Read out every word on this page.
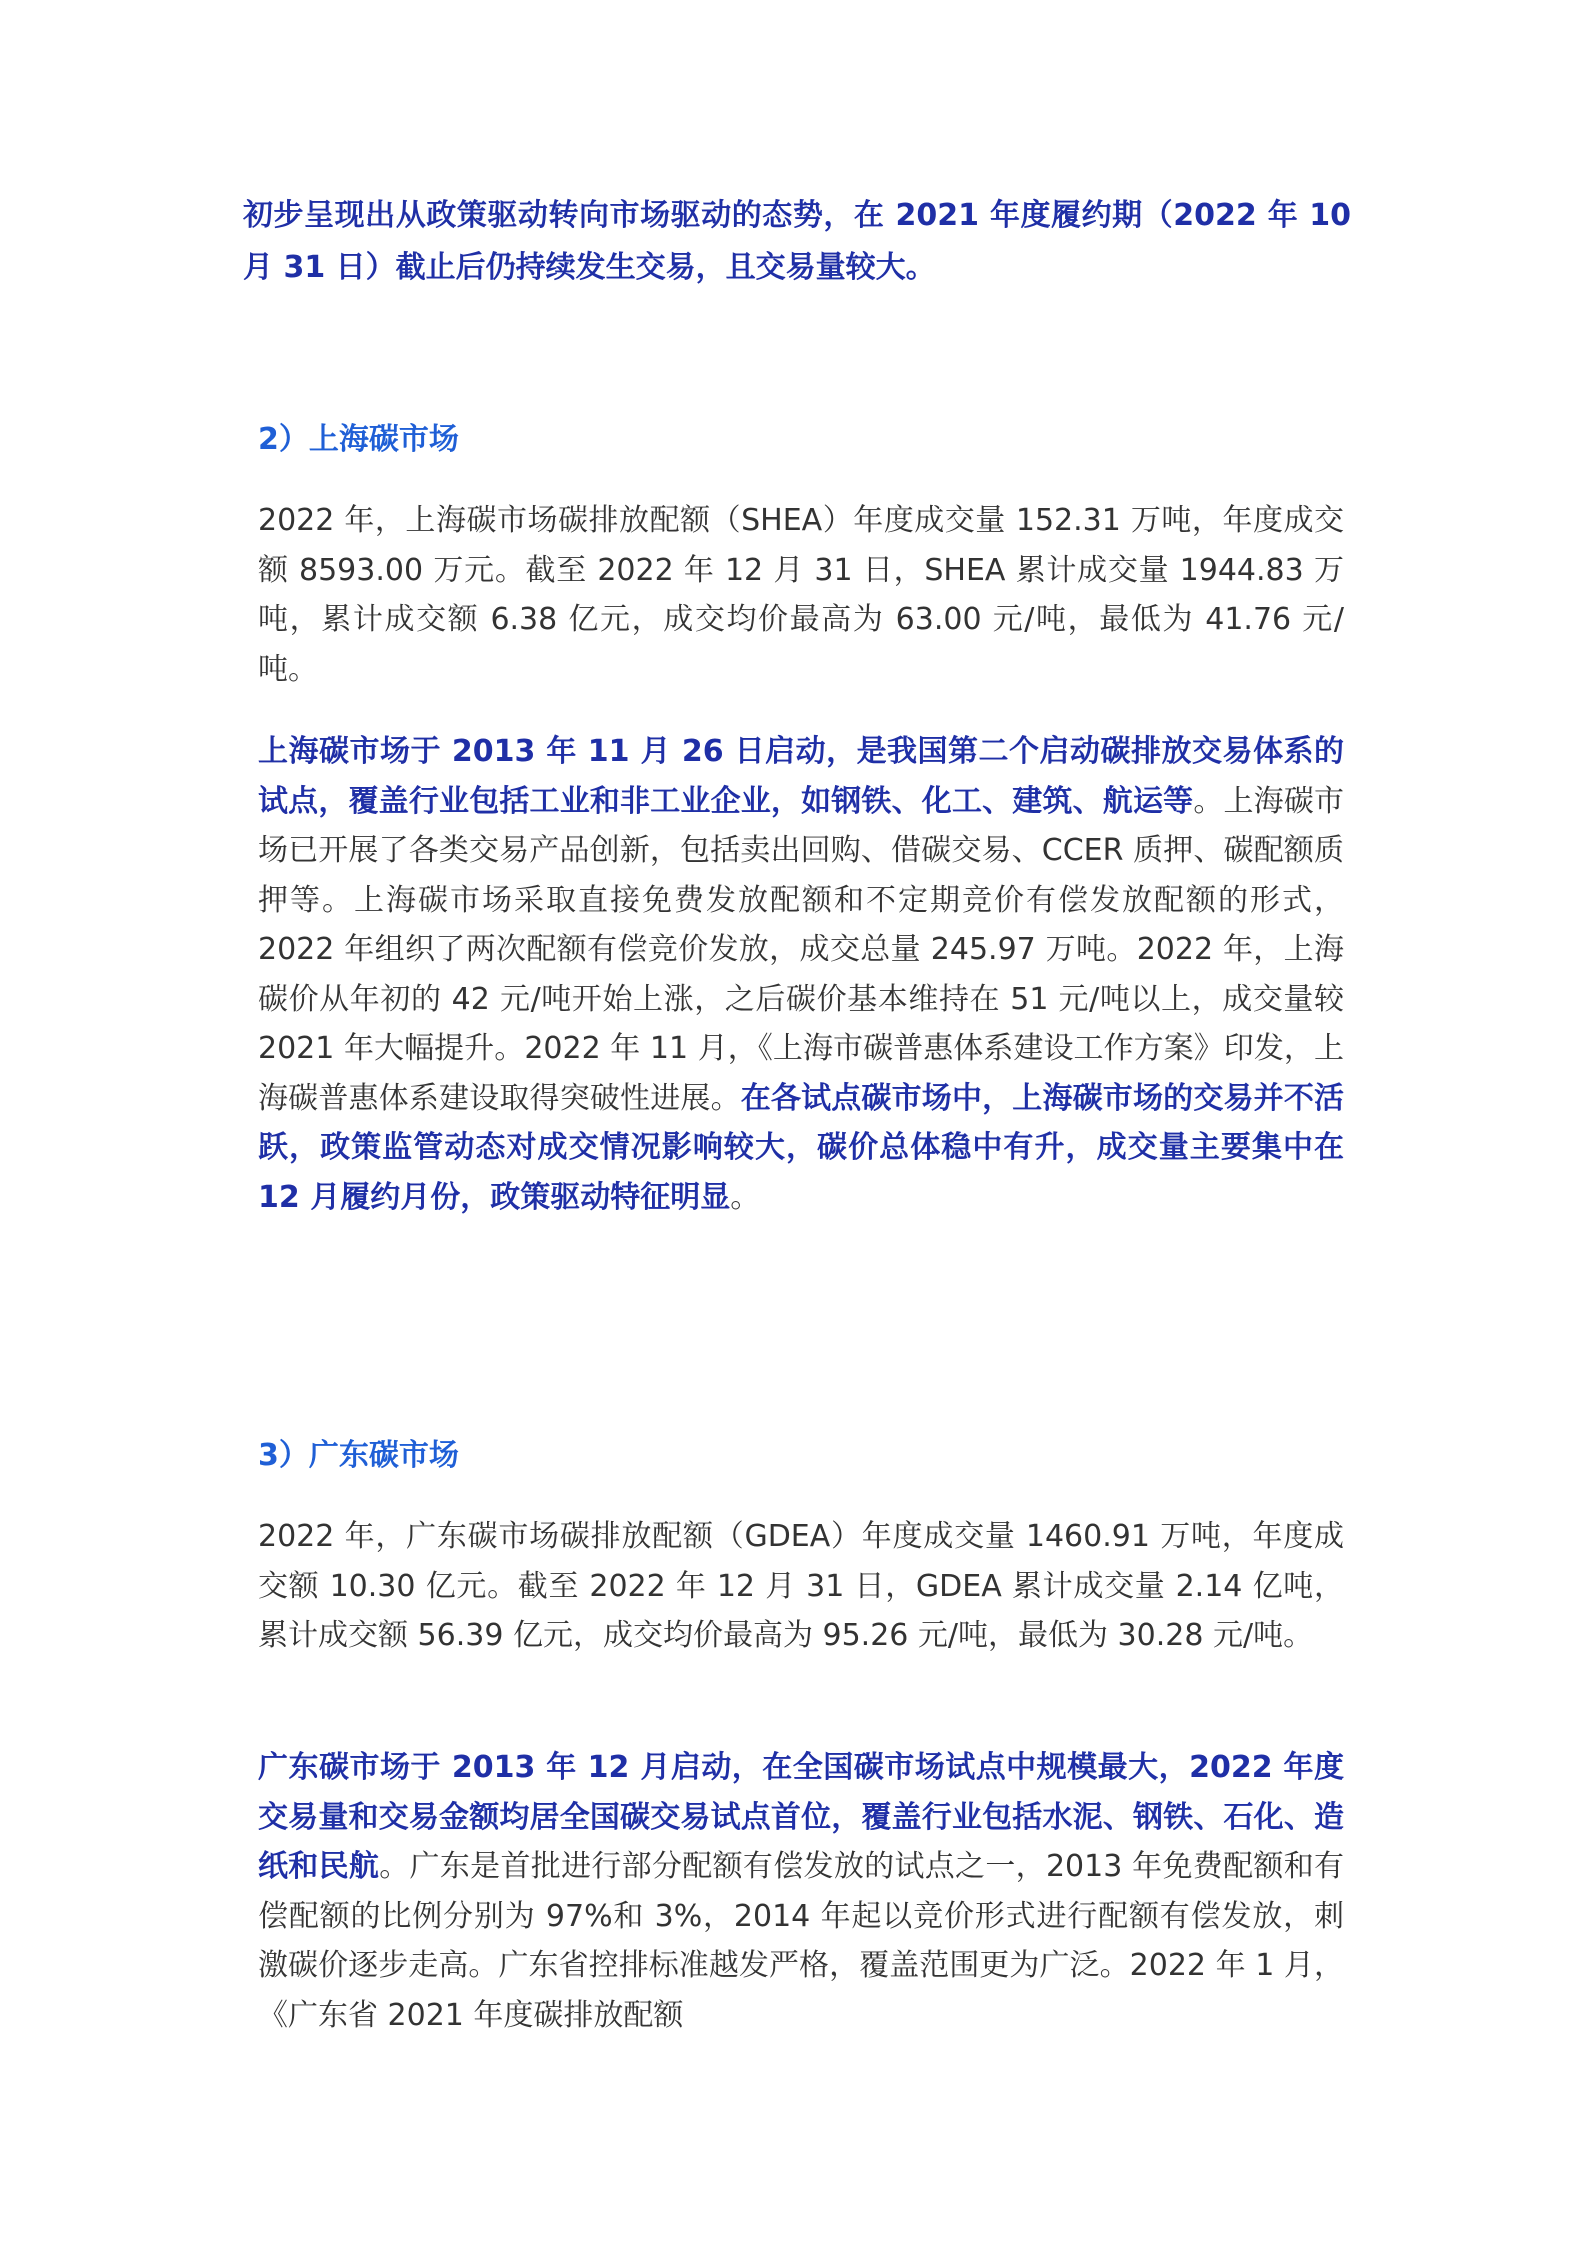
初步呈现出从政策驱动转向市场驱动的态势，在 2021 年度履约期（2022 年 10 月 31 日）截止后仍持续发生交易，且交易量较大。

2）上海碳市场

2022 年，上海碳市场碳排放配额（SHEA）年度成交量 152.31 万吨，年度成交额 8593.00 万元。截至 2022 年 12 月 31 日，SHEA 累计成交量 1944.83 万吨，累计成交额 6.38 亿元，成交均价最高为 63.00 元/吨，最低为 41.76 元/吨。

上海碳市场于 2013 年 11 月 26 日启动，是我国第二个启动碳排放交易体系的试点，覆盖行业包括工业和非工业企业，如钢铁、化工、建筑、航运等。上海碳市场已开展了各类交易产品创新，包括卖出回购、借碳交易、CCER 质押、碳配额质押等。上海碳市场采取直接免费发放配额和不定期竞价有偿发放配额的形式，2022 年组织了两次配额有偿竞价发放，成交总量 245.97 万吨。2022 年，上海碳价从年初的 42 元/吨开始上涨，之后碳价基本维持在 51 元/吨以上，成交量较 2021 年大幅提升。2022 年 11 月，《上海市碳普惠体系建设工作方案》印发，上海碳普惠体系建设取得突破性进展。在各试点碳市场中，上海碳市场的交易并不活跃，政策监管动态对成交情况影响较大，碳价总体稳中有升，成交量主要集中在 12 月履约月份，政策驱动特征明显。

3）广东碳市场

2022 年，广东碳市场碳排放配额（GDEA）年度成交量 1460.91 万吨，年度成交额 10.30 亿元。截至 2022 年 12 月 31 日，GDEA 累计成交量 2.14 亿吨，累计成交额 56.39 亿元，成交均价最高为 95.26 元/吨，最低为 30.28 元/吨。

广东碳市场于 2013 年 12 月启动，在全国碳市场试点中规模最大，2022 年度交易量和交易金额均居全国碳交易试点首位，覆盖行业包括水泥、钢铁、石化、造纸和民航。广东是首批进行部分配额有偿发放的试点之一，2013 年免费配额和有偿配额的比例分别为 97%和 3%，2014 年起以竞价形式进行配额有偿发放，刺激碳价逐步走高。广东省控排标准越发严格，覆盖范围更为广泛。2022 年 1 月，《广东省 2021 年度碳排放配额
